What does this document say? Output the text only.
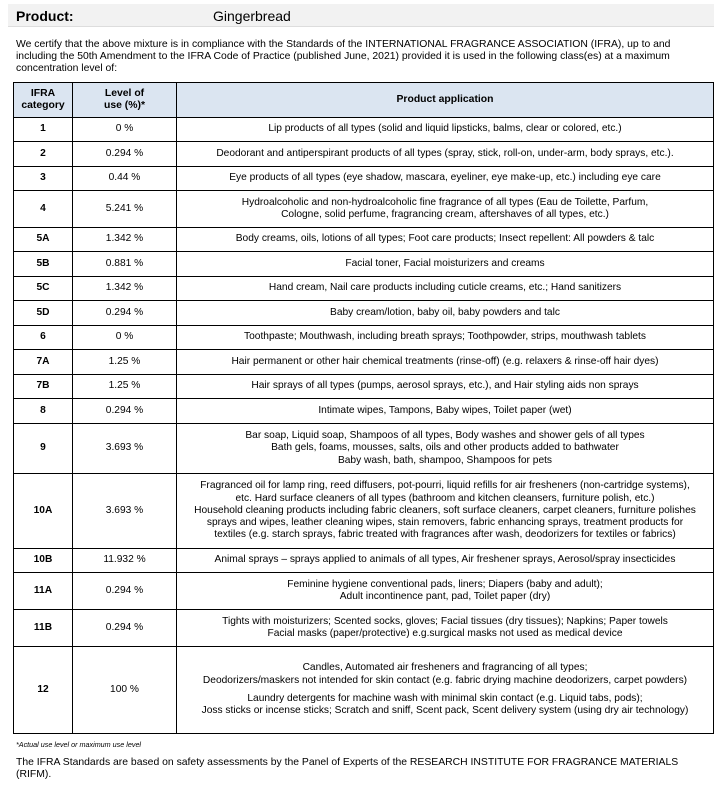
Product:	Gingerbread
We certify that the above mixture is in compliance with the Standards of the INTERNATIONAL FRAGRANCE ASSOCIATION (IFRA), up to and including the 50th Amendment to the IFRA Code of Practice (published June, 2021) provided it is used in the following class(es) at a maximum concentration level of:
IFRA category	Level of use (%)*	Product application
1	0 %	Lip products of all types (solid and liquid lipsticks, balms, clear or colored, etc.)

2	0.294 %	Deodorant and antiperspirant products of all types (spray, stick, roll-on, under-arm, body sprays, etc.).

3	0.44 %	Eye products of all types (eye shadow, mascara, eyeliner, eye make-up, etc.) including eye care

4	5.241 %	Hydroalcoholic and non-hydroalcoholic fine fragrance of all types (Eau de Toilette, Parfum,
Cologne, solid perfume, fragrancing cream, aftershaves of all types, etc.)

5A	1.342 %	Body creams, oils, lotions of all types; Foot care products; Insect repellent: All powders & talc

5B	0.881 %	Facial toner, Facial moisturizers and creams

5C	1.342 %	Hand cream, Nail care products including cuticle creams, etc.; Hand sanitizers

5D	0.294 %	Baby cream/lotion, baby oil, baby powders and talc

6	0 %	Toothpaste; Mouthwash, including breath sprays; Toothpowder, strips, mouthwash tablets

7A	1.25 %	Hair permanent or other hair chemical treatments (rinse-off) (e.g. relaxers & rinse-off hair dyes)

7B	1.25 %	Hair sprays of all types (pumps, aerosol sprays, etc.), and Hair styling aids non sprays

8	0.294 %	Intimate wipes, Tampons, Baby wipes, Toilet paper (wet)

9	3.693 %	Bar soap, Liquid soap, Shampoos of all types, Body washes and shower gels of all types
Bath gels, foams, mousses, salts, oils and other products added to bathwater
Baby wash, bath, shampoo, Shampoos for pets

10A	3.693 %	Fragranced oil for lamp ring, reed diffusers, pot-pourri, liquid refills for air fresheners (non-cartridge systems),
etc. Hard surface cleaners of all types (bathroom and kitchen cleansers, furniture polish, etc.)
Household cleaning products including fabric cleaners, soft surface cleaners, carpet cleaners, furniture polishes
sprays and wipes, leather cleaning wipes, stain removers, fabric enhancing sprays, treatment products for
textiles (e.g. starch sprays, fabric treated with fragrances after wash, deodorizers for textiles or fabrics)

10B	11.932 %	Animal sprays – sprays applied to animals of all types, Air freshener sprays, Aerosol/spray insecticides

11A	0.294 %	Feminine hygiene conventional pads, liners; Diapers (baby and adult);
Adult incontinence pant, pad, Toilet paper (dry)

11B	0.294 %	Tights with moisturizers; Scented socks, gloves; Facial tissues (dry tissues); Napkins; Paper towels
Facial masks (paper/protective) e.g.surgical masks not used as medical device

12	100 %	Candles, Automated air fresheners and fragrancing of all types;
Deodorizers/maskers not intended for skin contact (e.g. fabric drying machine deodorizers, carpet powders)
Laundry detergents for machine wash with minimal skin contact (e.g. Liquid tabs, pods);
Joss sticks or incense sticks; Scratch and sniff, Scent pack, Scent delivery system (using dry air technology)
*Actual use level or maximum use level
The IFRA Standards are based on safety assessments by the Panel of Experts of the RESEARCH INSTITUTE FOR FRAGRANCE MATERIALS (RIFM).
